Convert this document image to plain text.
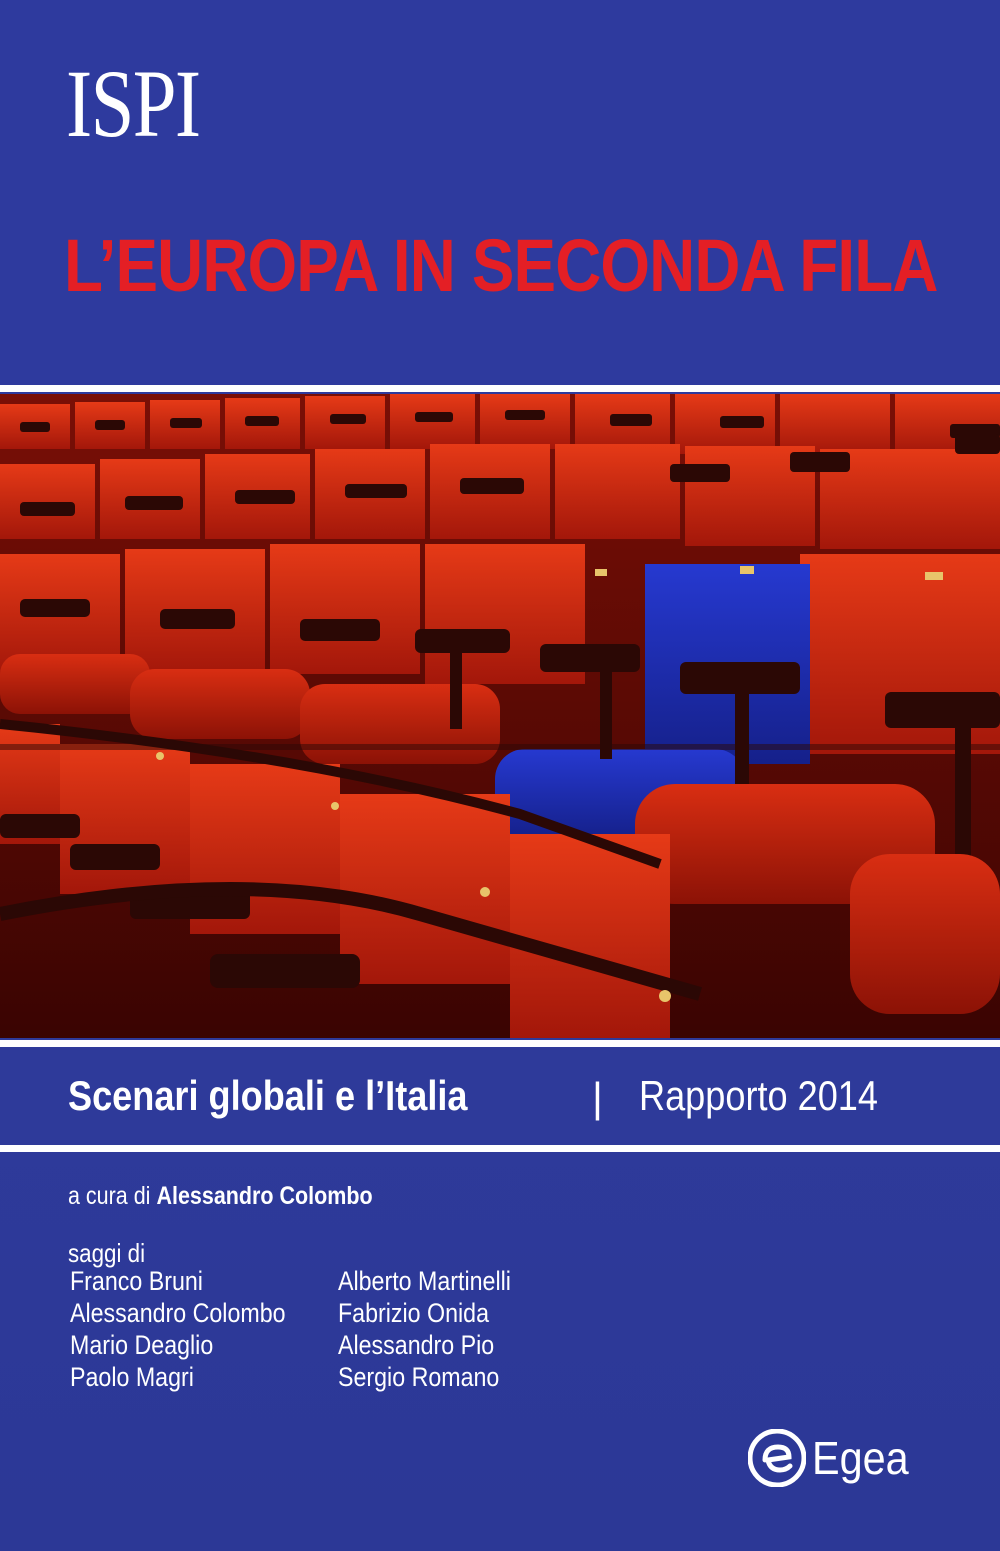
ISPI
L’EUROPA IN SECONDA FILA
Scenari globali e l’Italia	| Rapporto 2014
a cura di Alessandro Colombo
saggi di
Franco Bruni
Alessandro Colombo
Mario Deaglio
Paolo Magri
Alberto Martinelli
Fabrizio Onida
Alessandro Pio
Sergio Romano
Egea
